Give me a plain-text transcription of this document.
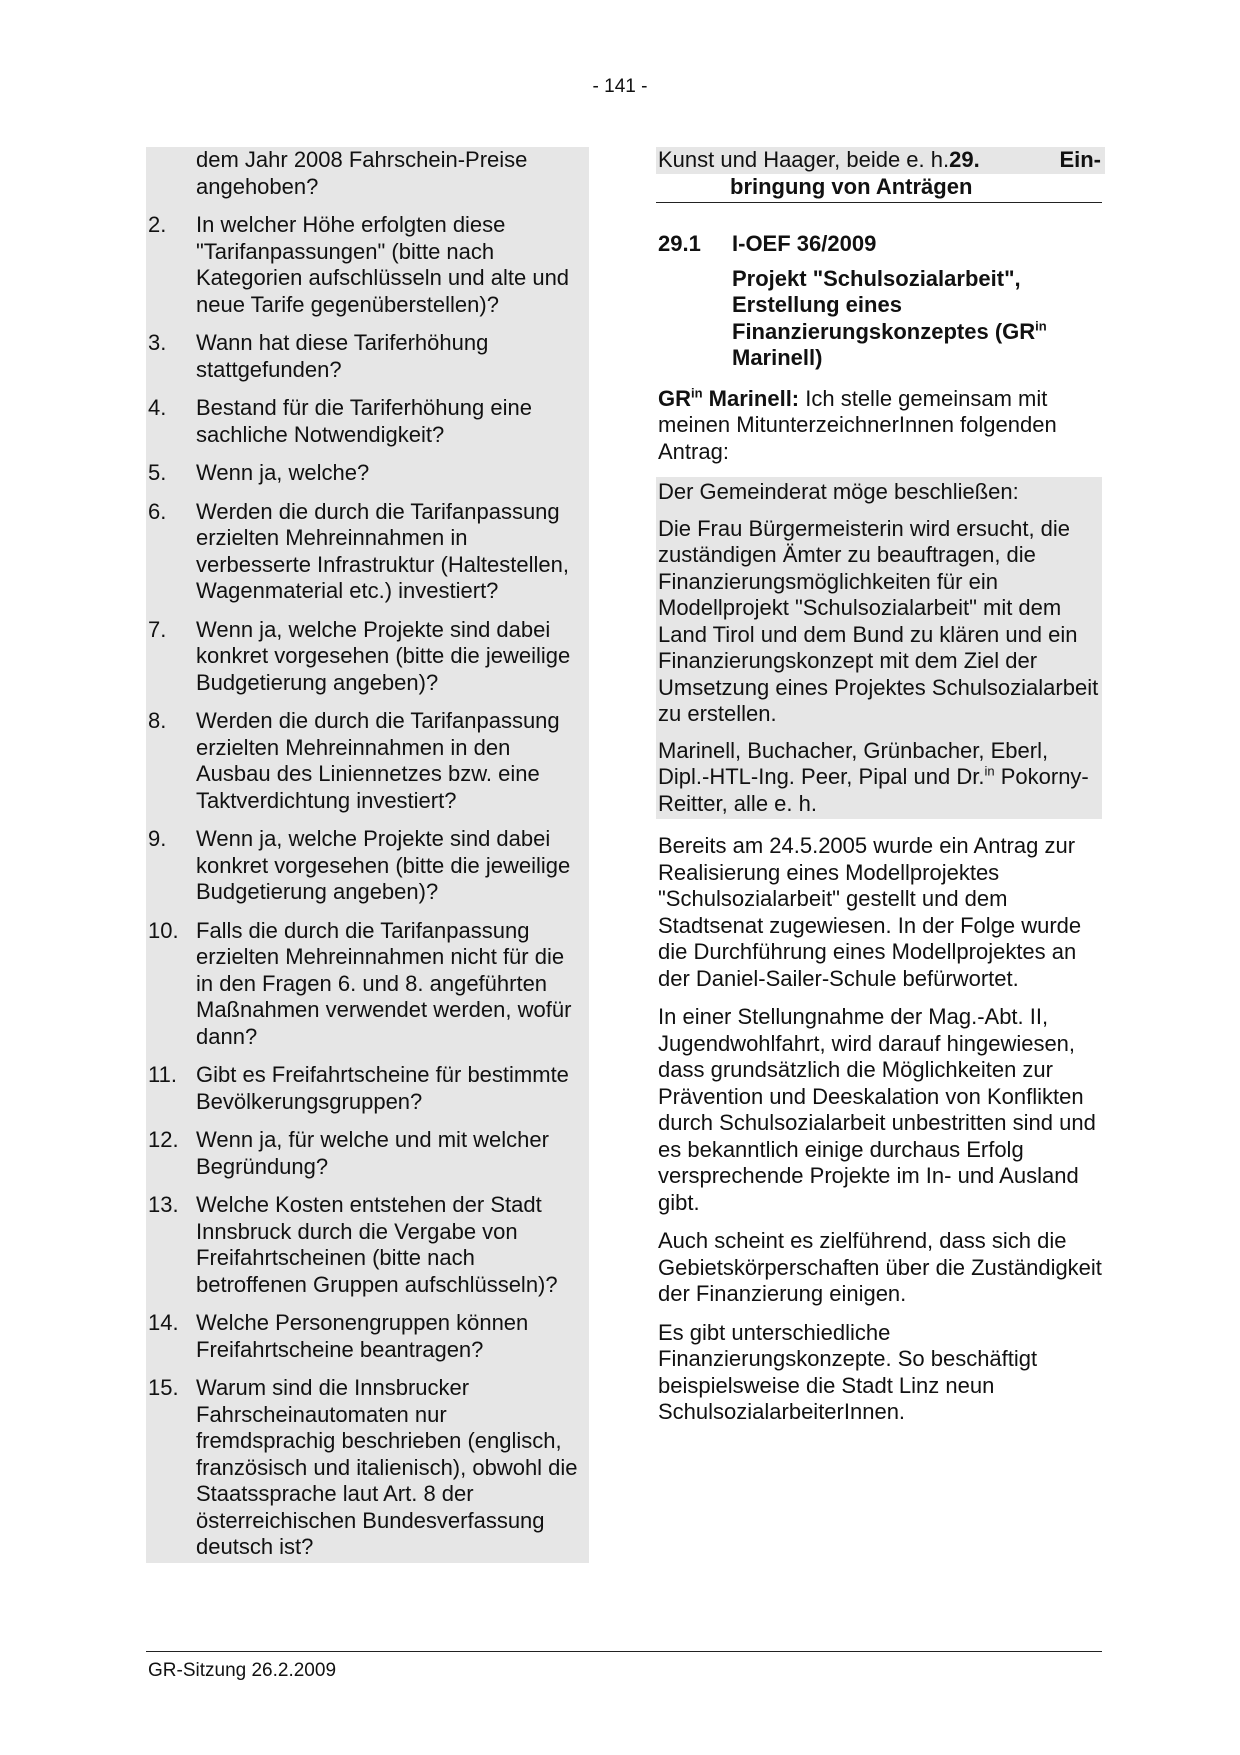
- 141 -
dem Jahr 2008 Fahrschein-Preise angehoben?
2.	In welcher Höhe erfolgten diese "Tarifanpassungen" (bitte nach Kategorien aufschlüsseln und alte und neue Tarife gegenüberstellen)?
3.	Wann hat diese Tariferhöhung stattgefunden?
4.	Bestand für die Tariferhöhung eine sachliche Notwendigkeit?
5.	Wenn ja, welche?
6.	Werden die durch die Tarifanpassung erzielten Mehreinnahmen in verbesserte Infrastruktur (Haltestellen, Wagenmaterial etc.) investiert?
7.	Wenn ja, welche Projekte sind dabei konkret vorgesehen (bitte die jeweilige Budgetierung angeben)?
8.	Werden die durch die Tarifanpassung erzielten Mehreinnahmen in den Ausbau des Liniennetzes bzw. eine Taktverdichtung investiert?
9.	Wenn ja, welche Projekte sind dabei konkret vorgesehen (bitte die jeweilige Budgetierung angeben)?
10. Falls die durch die Tarifanpassung erzielten Mehreinnahmen nicht für die in den Fragen 6. und 8. angeführten Maßnahmen verwendet werden, wofür dann?
11. Gibt es Freifahrtscheine für bestimmte Bevölkerungsgruppen?
12. Wenn ja, für welche und mit welcher Begründung?
13. Welche Kosten entstehen der Stadt Innsbruck durch die Vergabe von Freifahrtscheinen (bitte nach betroffenen Gruppen aufschlüsseln)?
14. Welche Personengruppen können Freifahrtscheine beantragen?
15. Warum sind die Innsbrucker Fahrscheinautomaten nur fremdsprachig beschrieben (englisch, französisch und italienisch), obwohl die Staatssprache laut Art. 8 der österreichischen Bundesverfassung deutsch ist?
Kunst und Haager, beide e. h.29.	Ein-
bringung von Anträgen
29.1	I-OEF 36/2009
Projekt "Schulsozialarbeit", Erstellung eines Finanzierungskonzeptes ($GR^{in}$ Marinell)

$GR^{in}$ Marinell: Ich stelle gemeinsam mit meinen MitunterzeichnerInnen folgenden Antrag:

Der Gemeinderat möge beschließen:

Die Frau Bürgermeisterin wird ersucht, die zuständigen Ämter zu beauftragen, die Finanzierungsmöglichkeiten für ein Modellprojekt "Schulsozialarbeit" mit dem Land Tirol und dem Bund zu klären und ein Finanzierungskonzept mit dem Ziel der Umsetzung eines Projektes Schulsozialarbeit zu erstellen.

Marinell, Buchacher, Grünbacher, Eberl, Dipl.-HTL-Ing. Peer, Pipal und Dr.$^{in}$ Pokorny-Reitter, alle e. h.

Bereits am 24.5.2005 wurde ein Antrag zur Realisierung eines Modellprojektes "Schulsozialarbeit" gestellt und dem Stadtsenat zugewiesen. In der Folge wurde die Durchführung eines Modellprojektes an der Daniel-Sailer-Schule befürwortet.

In einer Stellungnahme der Mag.-Abt. II, Jugendwohlfahrt, wird darauf hingewiesen, dass grundsätzlich die Möglichkeiten zur Prävention und Deeskalation von Konflikten durch Schulsozialarbeit unbestritten sind und es bekanntlich einige durchaus Erfolg versprechende Projekte im In- und Ausland gibt.

Auch scheint es zielführend, dass sich die Gebietskörperschaften über die Zuständigkeit der Finanzierung einigen.

Es gibt unterschiedliche Finanzierungskonzepte. So beschäftigt beispielsweise die Stadt Linz neun SchulsozialarbeiterInnen.

GR-Sitzung 26.2.2009
